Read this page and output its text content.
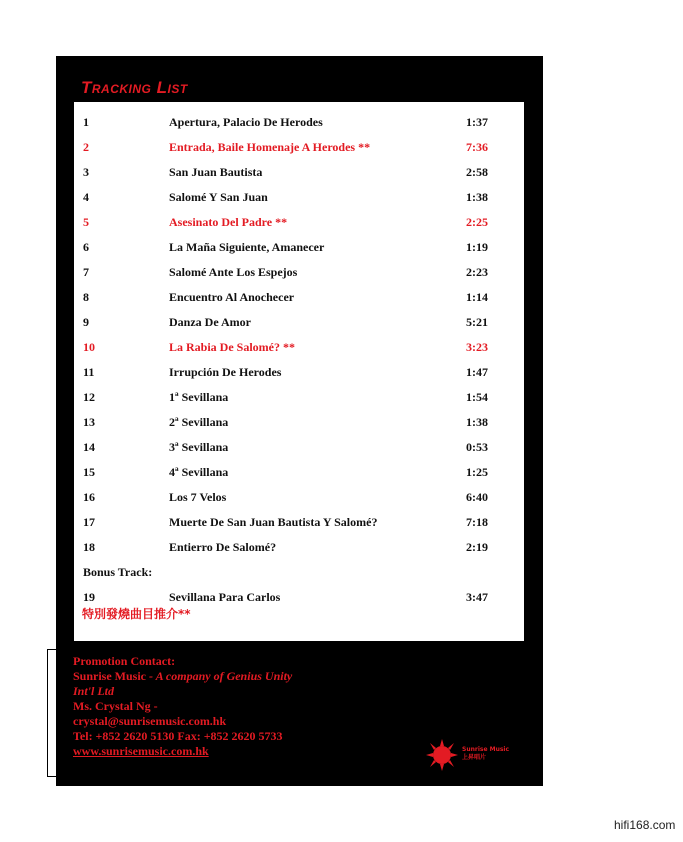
Tracking List
1	Apertura, Palacio De Herodes	1:37
2	Entrada, Baile Homenaje A Herodes **	7:36
3	San Juan Bautista	2:58
4	Salomé Y San Juan	1:38
5	Asesinato Del Padre **	2:25
6	La Maña Siguiente, Amanecer	1:19
7	Salomé Ante Los Espejos	2:23
8	Encuentro Al Anochecer	1:14
9	Danza De Amor	5:21
10	La Rabia De Salomé? **	3:23
11	Irrupción De Herodes	1:47
12	1ª Sevillana	1:54
13	2ª Sevillana	1:38
14	3ª Sevillana	0:53
15	4ª Sevillana	1:25
16	Los 7 Velos	6:40
17	Muerte De San Juan Bautista Y Salomé?	7:18
18	Entierro De Salomé?	2:19
Bonus Track:
19	Sevillana Para Carlos	3:47
特別發燒曲目推介**
Promotion Contact:
Sunrise Music - A company of Genius Unity
Int'l Ltd
Ms. Crystal Ng -
crystal@sunrisemusic.com.hk
Tel: +852 2620 5130 Fax: +852 2620 5733
www.sunrisemusic.com.hk	Sunrise Music
上昇唱片
hifi168.com
